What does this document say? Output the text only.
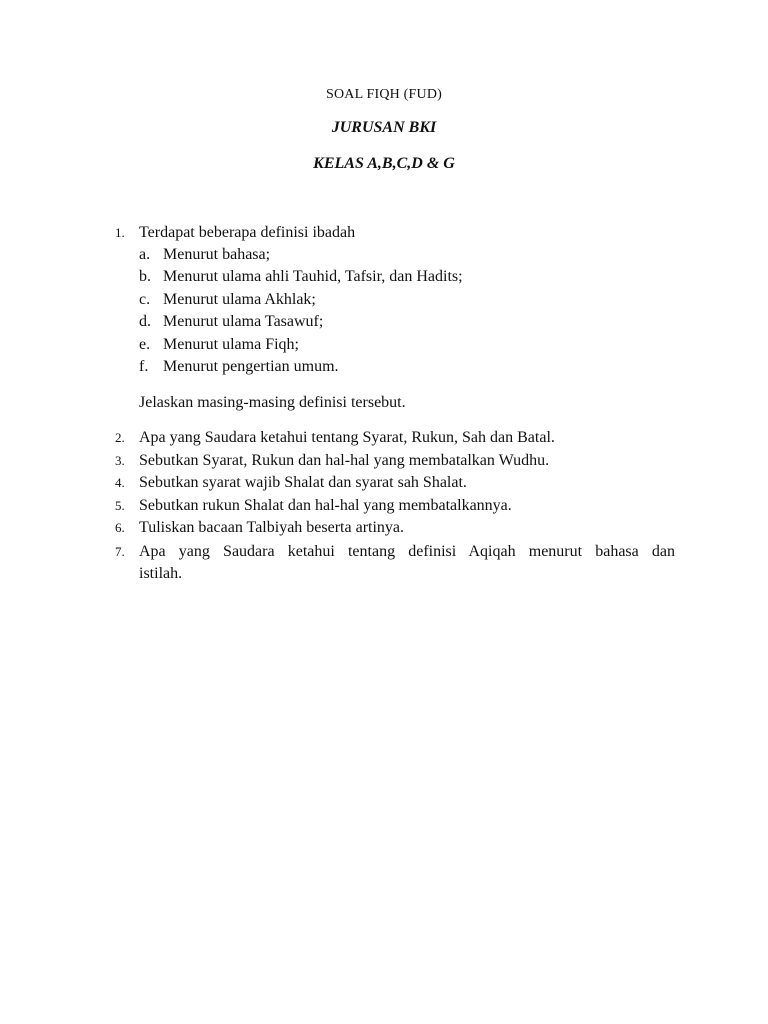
SOAL FIQH (FUD)
JURUSAN BKI
KELAS A,B,C,D & G
1. Terdapat beberapa definisi ibadah
a. Menurut bahasa;
b. Menurut ulama ahli Tauhid, Tafsir, dan Hadits;
c. Menurut ulama Akhlak;
d. Menurut ulama Tasawuf;
e. Menurut ulama Fiqh;
f. Menurut pengertian umum.
Jelaskan masing-masing definisi tersebut.
2. Apa yang Saudara ketahui tentang Syarat, Rukun, Sah dan Batal.
3. Sebutkan Syarat, Rukun dan hal-hal yang membatalkan Wudhu.
4. Sebutkan syarat wajib Shalat dan syarat sah Shalat.
5. Sebutkan rukun Shalat dan hal-hal yang membatalkannya.
6. Tuliskan bacaan Talbiyah beserta artinya.
7. Apa yang Saudara ketahui tentang definisi Aqiqah menurut bahasa dan
istilah.
